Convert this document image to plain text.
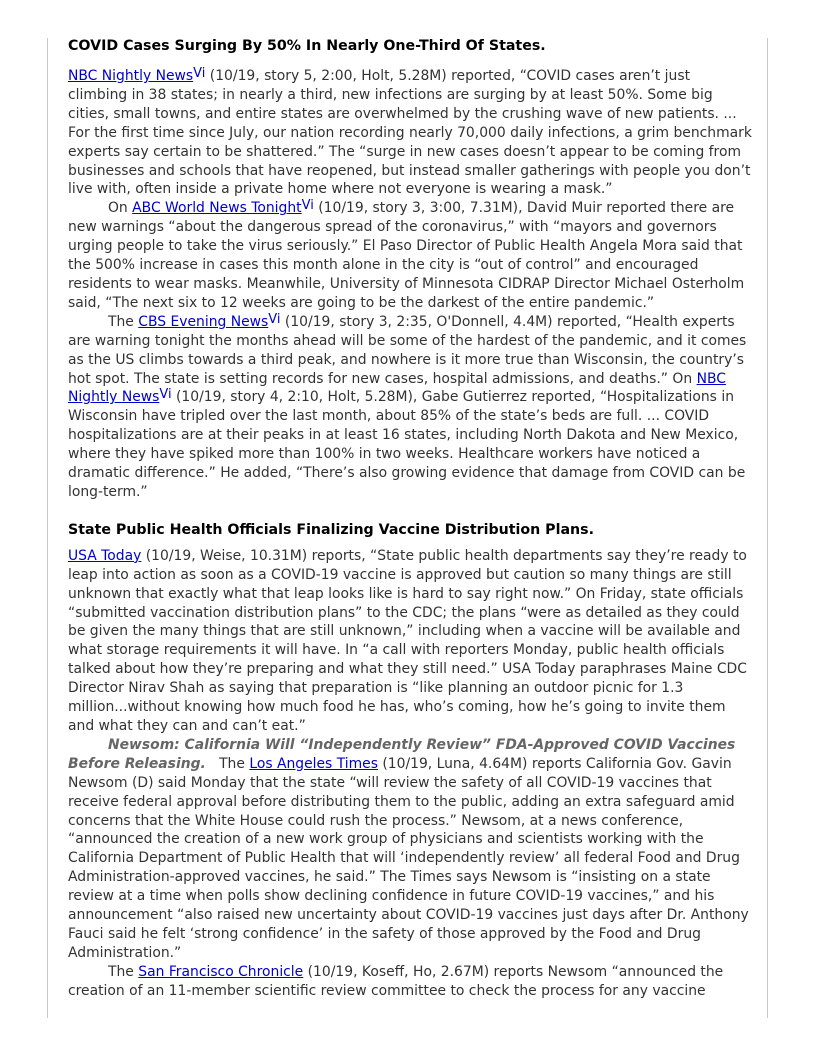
COVID Cases Surging By 50% In Nearly One-Third Of States.

NBC Nightly News$^{Vi}$ (10/19, story 5, 2:00, Holt, 5.28M) reported, “COVID cases aren’t just climbing in 38 states; in nearly a third, new infections are surging by at least 50%. Some big cities, small towns, and entire states are overwhelmed by the crushing wave of new patients. ... For the first time since July, our nation recording nearly 70,000 daily infections, a grim benchmark experts say certain to be shattered.” The “surge in new cases doesn’t appear to be coming from businesses and schools that have reopened, but instead smaller gatherings with people you don’t live with, often inside a private home where not everyone is wearing a mask.”

On ABC World News Tonight$^{Vi}$ (10/19, story 3, 3:00, 7.31M), David Muir reported there are new warnings “about the dangerous spread of the coronavirus,” with “mayors and governors urging people to take the virus seriously.” El Paso Director of Public Health Angela Mora said that the 500% increase in cases this month alone in the city is “out of control” and encouraged residents to wear masks. Meanwhile, University of Minnesota CIDRAP Director Michael Osterholm said, “The next six to 12 weeks are going to be the darkest of the entire pandemic.”

The CBS Evening News$^{Vi}$ (10/19, story 3, 2:35, O'Donnell, 4.4M) reported, “Health experts are warning tonight the months ahead will be some of the hardest of the pandemic, and it comes as the US climbs towards a third peak, and nowhere is it more true than Wisconsin, the country’s hot spot. The state is setting records for new cases, hospital admissions, and deaths.” On NBC Nightly News$^{Vi}$ (10/19, story 4, 2:10, Holt, 5.28M), Gabe Gutierrez reported, “Hospitalizations in Wisconsin have tripled over the last month, about 85% of the state’s beds are full. ... COVID hospitalizations are at their peaks in at least 16 states, including North Dakota and New Mexico, where they have spiked more than 100% in two weeks. Healthcare workers have noticed a dramatic difference.” He added, “There’s also growing evidence that damage from COVID can be long-term.”

State Public Health Officials Finalizing Vaccine Distribution Plans.

USA Today (10/19, Weise, 10.31M) reports, “State public health departments say they’re ready to leap into action as soon as a COVID-19 vaccine is approved but caution so many things are still unknown that exactly what that leap looks like is hard to say right now.” On Friday, state officials “submitted vaccination distribution plans” to the CDC; the plans “were as detailed as they could be given the many things that are still unknown,” including when a vaccine will be available and what storage requirements it will have. In “a call with reporters Monday, public health officials talked about how they’re preparing and what they still need.” USA Today paraphrases Maine CDC Director Nirav Shah as saying that preparation is “like planning an outdoor picnic for 1.3 million...without knowing how much food he has, who’s coming, how he’s going to invite them and what they can and can’t eat.”

Newsom: California Will “Independently Review” FDA-Approved COVID Vaccines Before Releasing.   The Los Angeles Times (10/19, Luna, 4.64M) reports California Gov. Gavin Newsom (D) said Monday that the state “will review the safety of all COVID-19 vaccines that receive federal approval before distributing them to the public, adding an extra safeguard amid concerns that the White House could rush the process.” Newsom, at a news conference, “announced the creation of a new work group of physicians and scientists working with the California Department of Public Health that will ‘independently review’ all federal Food and Drug Administration-approved vaccines, he said.” The Times says Newsom is “insisting on a state review at a time when polls show declining confidence in future COVID-19 vaccines,” and his announcement “also raised new uncertainty about COVID-19 vaccines just days after Dr. Anthony Fauci said he felt ‘strong confidence’ in the safety of those approved by the Food and Drug Administration.”

The San Francisco Chronicle (10/19, Koseff, Ho, 2.67M) reports Newsom “announced the creation of an 11-member scientific review committee to check the process for any vaccine
